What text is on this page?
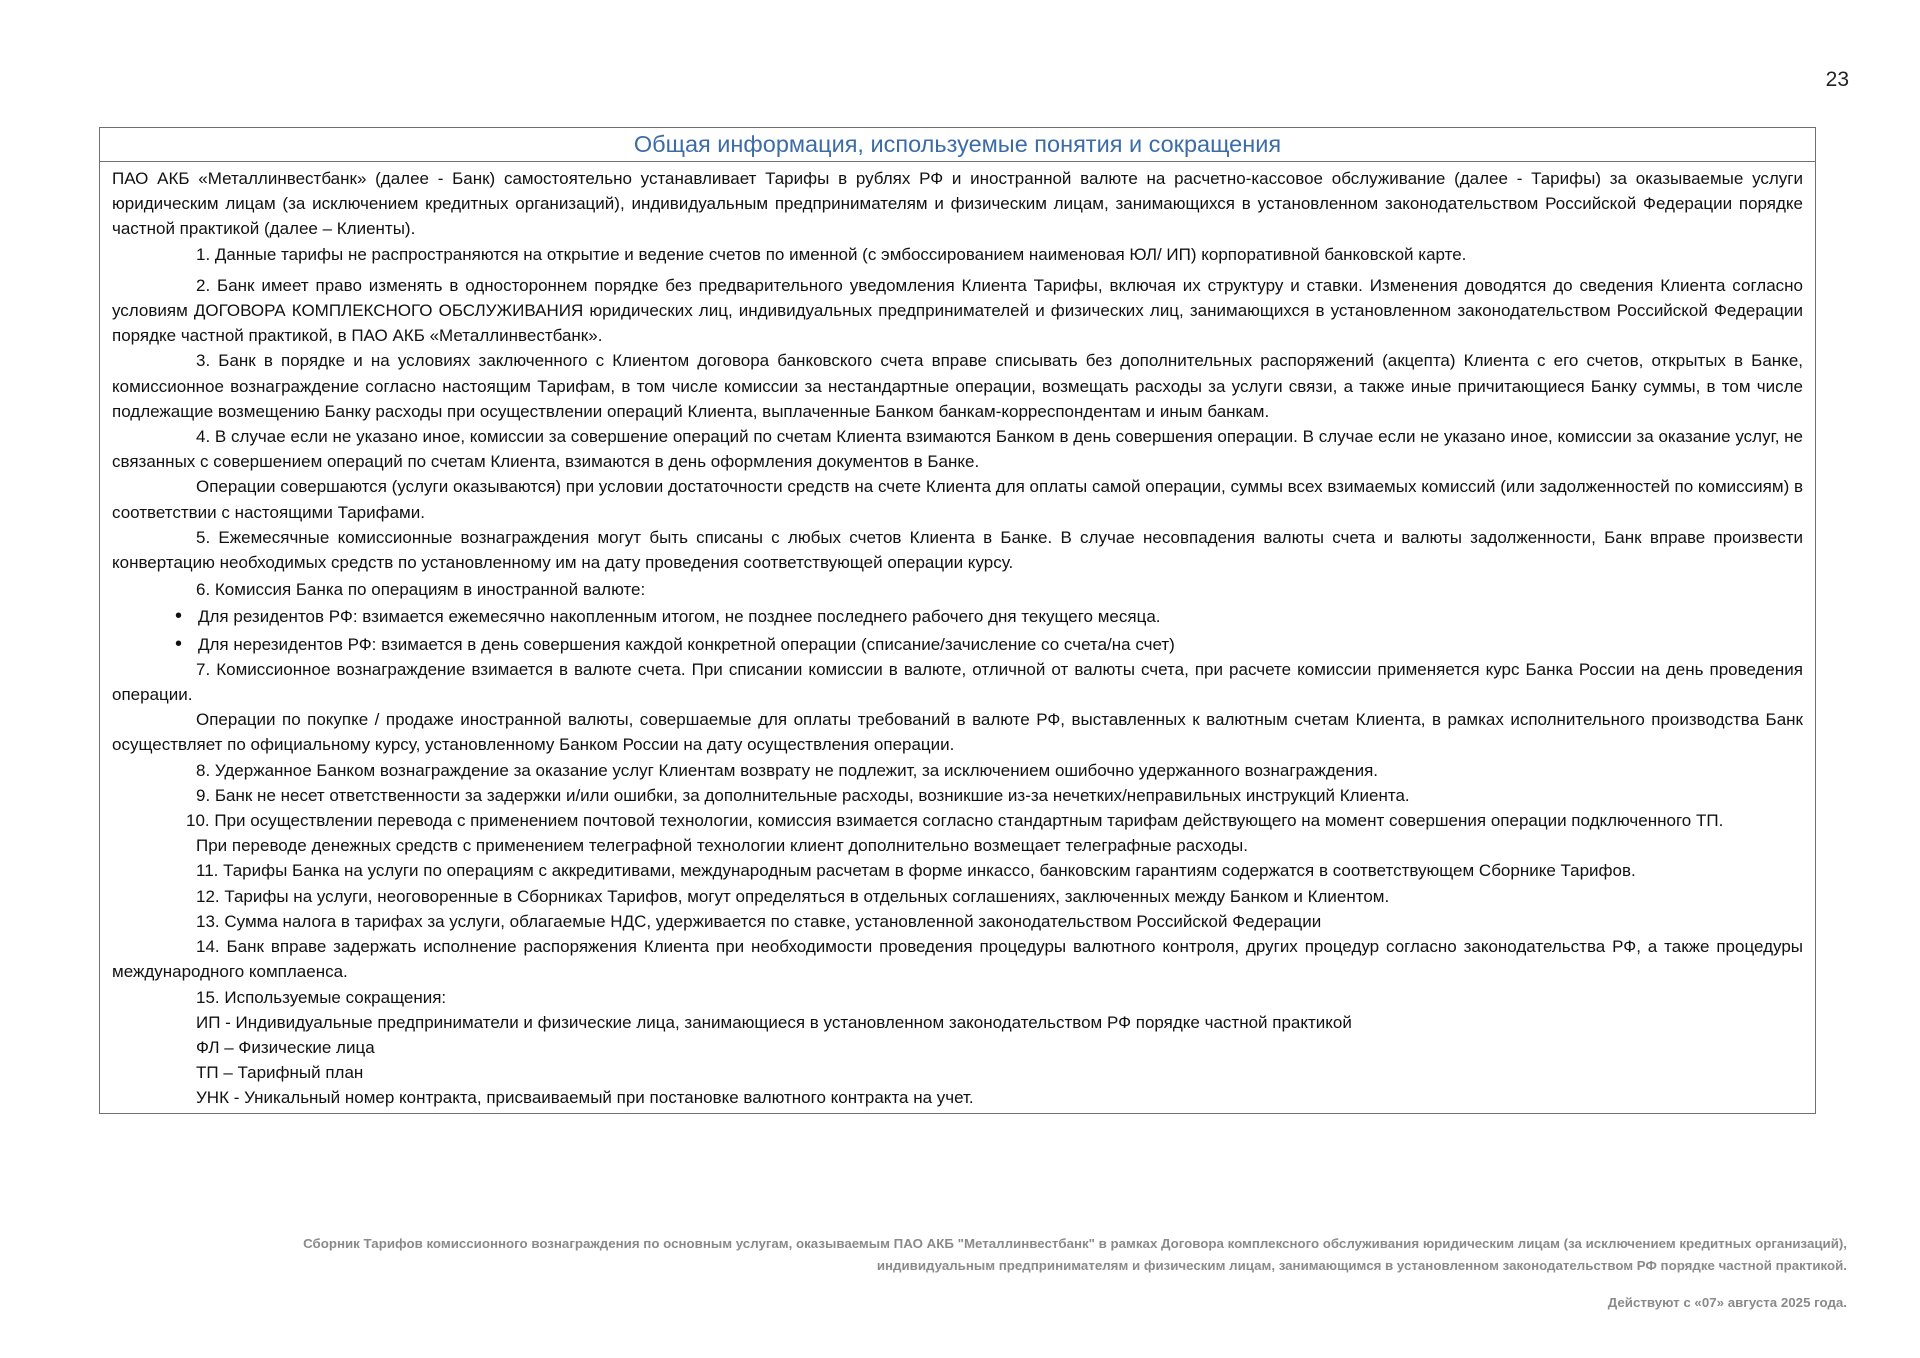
23
Общая информация, используемые понятия и сокращения

ПАО АКБ «Металлинвестбанк» (далее - Банк) самостоятельно устанавливает Тарифы в рублях РФ и иностранной валюте на расчетно-кассовое обслуживание (далее - Тарифы) за оказываемые услуги юридическим лицам (за исключением кредитных организаций), индивидуальным предпринимателям и физическим лицам, занимающихся в установленном законодательством Российской Федерации порядке частной практикой (далее – Клиенты).

1. Данные тарифы не распространяются на открытие и ведение счетов по именной (с эмбоссированием наименовая ЮЛ/ ИП) корпоративной банковской карте.

2. Банк имеет право изменять в одностороннем порядке без предварительного уведомления Клиента Тарифы, включая их структуру и ставки. Изменения доводятся до сведения Клиента согласно условиям ДОГОВОРА КОМПЛЕКСНОГО ОБСЛУЖИВАНИЯ юридических лиц, индивидуальных предпринимателей и физических лиц, занимающихся в установленном законодательством Российской Федерации порядке частной практикой, в ПАО АКБ «Металлинвестбанк».

3. Банк в порядке и на условиях заключенного с Клиентом договора банковского счета вправе списывать без дополнительных распоряжений (акцепта) Клиента с его счетов, открытых в Банке, комиссионное вознаграждение согласно настоящим Тарифам, в том числе комиссии за нестандартные операции, возмещать расходы за услуги связи, а также иные причитающиеся Банку суммы, в том числе подлежащие возмещению Банку расходы при осуществлении операций Клиента, выплаченные Банком банкам-корреспондентам и иным банкам.

4. В случае если не указано иное, комиссии за совершение операций по счетам Клиента взимаются Банком в день совершения операции. В случае если не указано иное, комиссии за оказание услуг, не связанных с совершением операций по счетам Клиента, взимаются в день оформления документов в Банке.

Операции совершаются (услуги оказываются) при условии достаточности средств на счете Клиента для оплаты самой операции, суммы всех взимаемых комиссий (или задолженностей по комиссиям) в соответствии с настоящими Тарифами.

5. Ежемесячные комиссионные вознаграждения могут быть списаны с любых счетов Клиента в Банке. В случае несовпадения валюты счета и валюты задолженности, Банк вправе произвести конвертацию необходимых средств по установленному им на дату проведения соответствующей операции курсу.

6. Комиссия Банка по операциям в иностранной валюте:

• Для резидентов РФ: взимается ежемесячно накопленным итогом, не позднее последнего рабочего дня текущего месяца.

• Для нерезидентов РФ: взимается в день совершения каждой конкретной операции (списание/зачисление со счета/на счет)

7. Комиссионное вознаграждение взимается в валюте счета. При списании комиссии в валюте, отличной от валюты счета, при расчете комиссии применяется курс Банка России на день проведения операции.

Операции по покупке / продаже иностранной валюты, совершаемые для оплаты требований в валюте РФ, выставленных к валютным счетам Клиента, в рамках исполнительного производства Банк осуществляет по официальному курсу, установленному Банком России на дату осуществления операции.

8. Удержанное Банком вознаграждение за оказание услуг Клиентам возврату не подлежит, за исключением ошибочно удержанного вознаграждения.

9. Банк не несет ответственности за задержки и/или ошибки, за дополнительные расходы, возникшие из-за нечетких/неправильных инструкций Клиента.

10. При осуществлении перевода с применением почтовой технологии, комиссия взимается согласно стандартным тарифам действующего на момент совершения операции подключенного ТП.

При переводе денежных средств с применением телеграфной технологии клиент дополнительно возмещает телеграфные расходы.

11. Тарифы Банка на услуги по операциям с аккредитивами, международным расчетам в форме инкассо, банковским гарантиям содержатся в соответствующем Сборнике Тарифов.

12. Тарифы на услуги, неоговоренные в Сборниках Тарифов, могут определяться в отдельных соглашениях, заключенных между Банком и Клиентом.

13. Сумма налога в тарифах за услуги, облагаемые НДС, удерживается по ставке, установленной законодательством Российской Федерации

14. Банк вправе задержать исполнение распоряжения Клиента при необходимости проведения процедуры валютного контроля, других процедур согласно законодательства РФ, а также процедуры международного комплаенса.

15. Используемые сокращения:

ИП - Индивидуальные предприниматели и физические лица, занимающиеся в установленном законодательством РФ порядке частной практикой

ФЛ – Физические лица

ТП – Тарифный план

УНК - Уникальный номер контракта, присваиваемый при постановке валютного контракта на учет.

Сборник Тарифов комиссионного вознаграждения по основным услугам, оказываемым ПАО АКБ "Металлинвестбанк" в рамках Договора комплексного обслуживания юридическим лицам (за исключением кредитных организаций),
индивидуальным предпринимателям и физическим лицам, занимающимся в установленном законодательством РФ порядке частной практикой.
Действуют с «07» августа 2025 года.
